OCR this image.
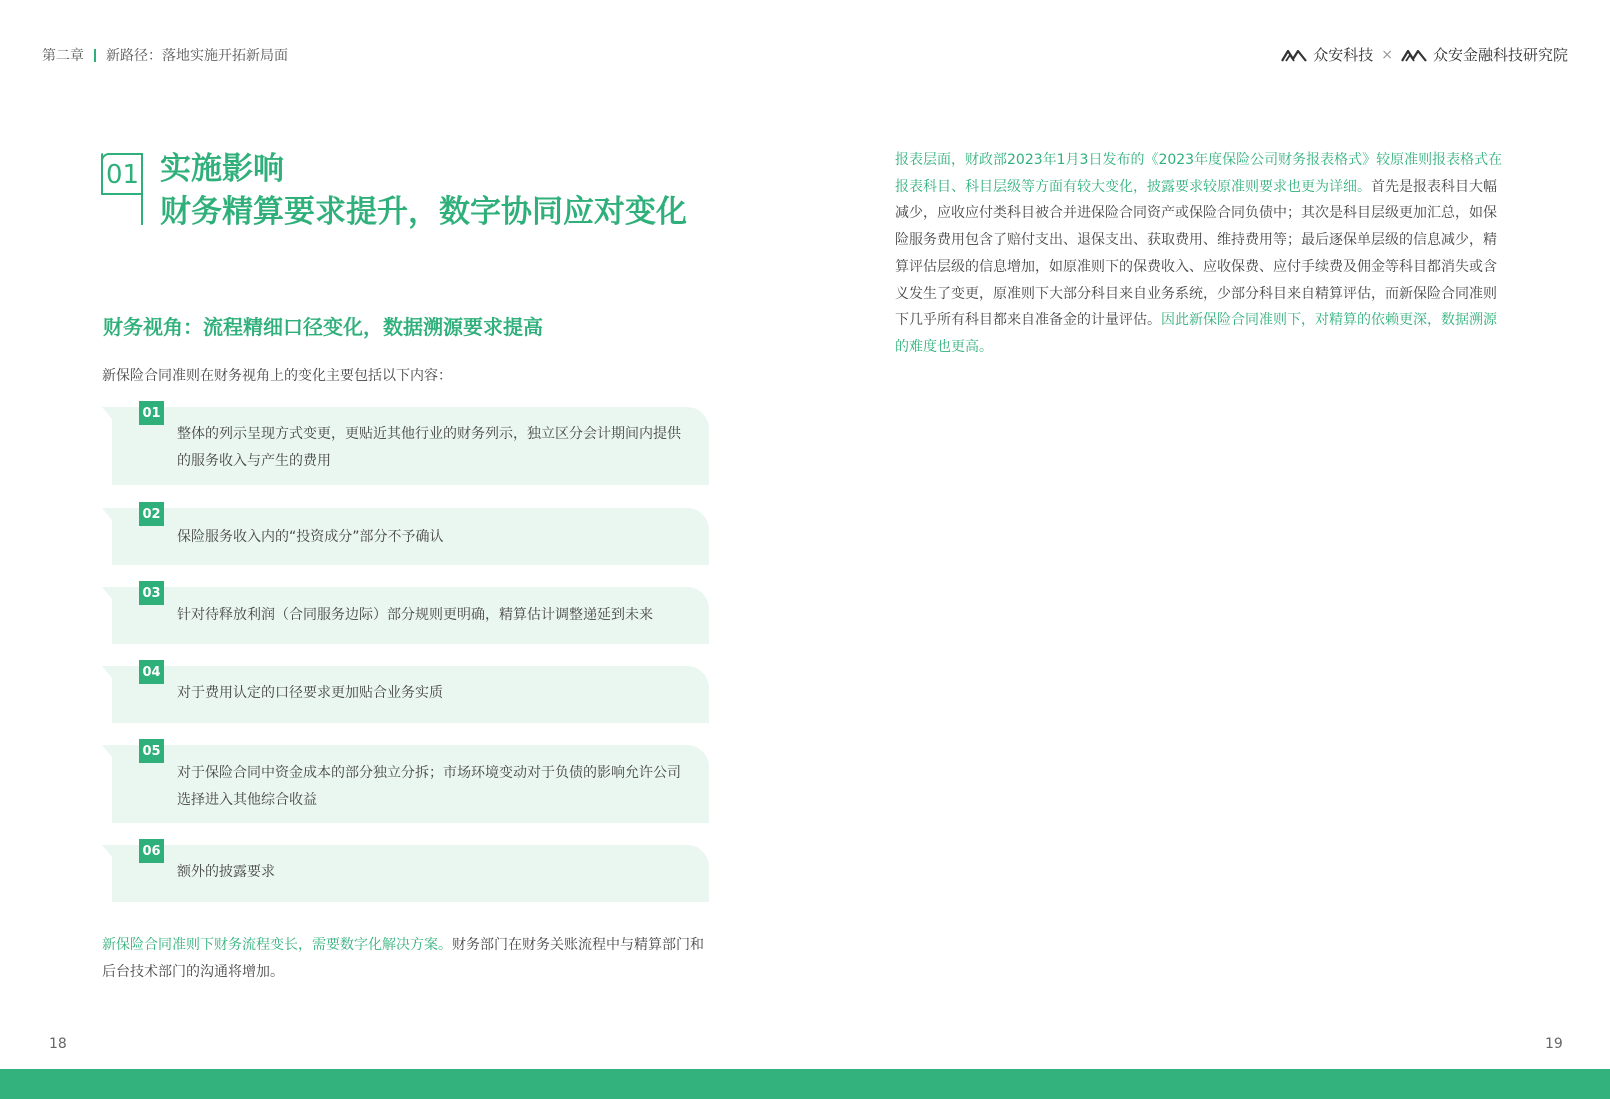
第二章 新路径：落地实施开拓新局面	众安科技 ×	众安金融科技研究院
01 实施影响
财务精算要求提升，数字协同应对变化
财务视角：流程精细口径变化，数据溯源要求提高
新保险合同准则在财务视角上的变化主要包括以下内容：
01
整体的列示呈现方式变更，更贴近其他行业的财务列示，独立区分会计期间内提供的服务收入与产生的费用
02
保险服务收入内的“投资成分”部分不予确认
03
针对待释放利润（合同服务边际）部分规则更明确，精算估计调整递延到未来
04
对于费用认定的口径要求更加贴合业务实质
05
对于保险合同中资金成本的部分独立分拆；市场环境变动对于负债的影响允许公司选择进入其他综合收益
06
额外的披露要求
新保险合同准则下财务流程变长，需要数字化解决方案。财务部门在财务关账流程中与精算部门和后台技术部门的沟通将增加。
报表层面，财政部2023年1月3日发布的《2023年度保险公司财务报表格式》较原准则报表格式在报表科目、科目层级等方面有较大变化，披露要求较原准则要求也更为详细。首先是报表科目大幅减少，应收应付类科目被合并进保险合同资产或保险合同负债中；其次是科目层级更加汇总，如保险服务费用包含了赔付支出、退保支出、获取费用、维持费用等；最后逐保单层级的信息减少，精算评估层级的信息增加，如原准则下的保费收入、应收保费、应付手续费及佣金等科目都消失或含义发生了变更，原准则下大部分科目来自业务系统，少部分科目来自精算评估，而新保险合同准则下几乎所有科目都来自准备金的计量评估。因此新保险合同准则下，对精算的依赖更深，数据溯源的难度也更高。
18	19
